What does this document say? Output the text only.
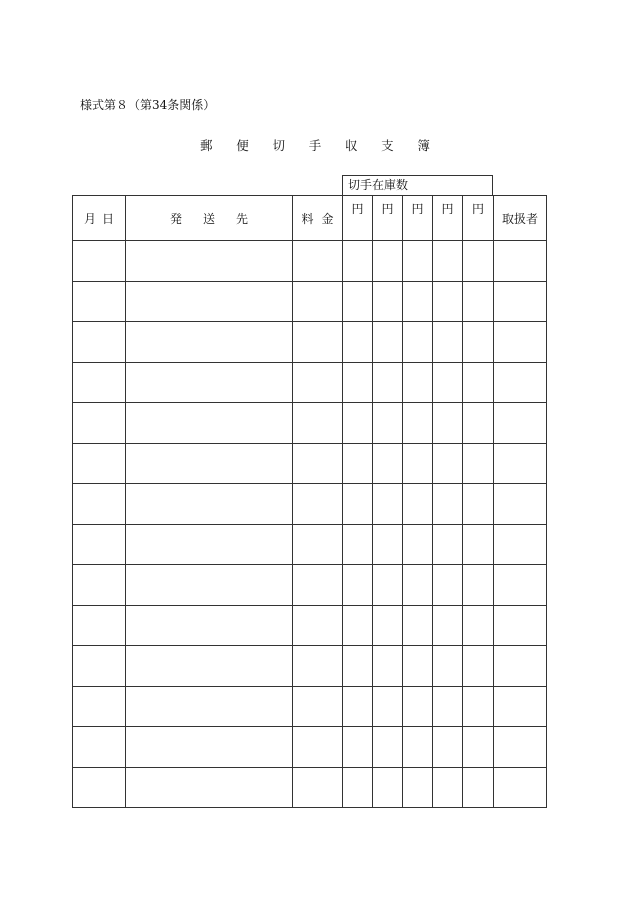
様式第８（第34条関係）
郵 便 切 手 収 支 簿
切手在庫数
月 日	発 送 先	料 金	円	円	円	円	円	取扱者
